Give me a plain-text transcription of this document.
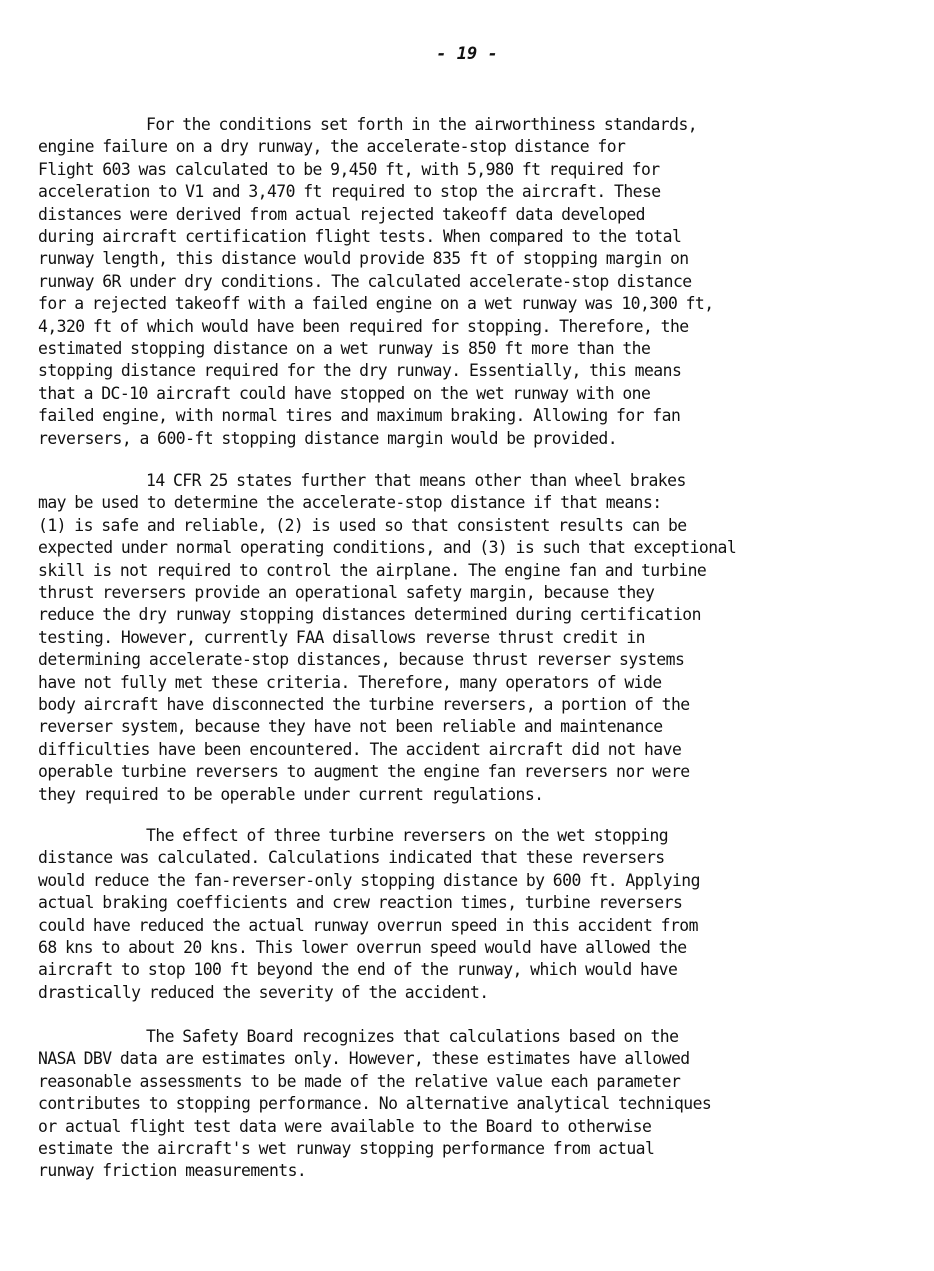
- 19 -
For the conditions set forth in the airworthiness standards,
engine failure on a dry runway, the accelerate-stop distance for
Flight 603 was calculated to be 9,450 ft, with 5,980 ft required for
acceleration to V1 and 3,470 ft required to stop the aircraft. These
distances were derived from actual rejected takeoff data developed
during aircraft certification flight tests. When compared to the total
runway length, this distance would provide 835 ft of stopping margin on
runway 6R under dry conditions. The calculated accelerate-stop distance
for a rejected takeoff with a failed engine on a wet runway was 10,300 ft,
4,320 ft of which would have been required for stopping. Therefore, the
estimated stopping distance on a wet runway is 850 ft more than the
stopping distance required for the dry runway. Essentially, this means
that a DC-10 aircraft could have stopped on the wet runway with one
failed engine, with normal tires and maximum braking. Allowing for fan
reversers, a 600-ft stopping distance margin would be provided.
14 CFR 25 states further that means other than wheel brakes
may be used to determine the accelerate-stop distance if that means:
(1) is safe and reliable, (2) is used so that consistent results can be
expected under normal operating conditions, and (3) is such that exceptional
skill is not required to control the airplane. The engine fan and turbine
thrust reversers provide an operational safety margin, because they
reduce the dry runway stopping distances determined during certification
testing. However, currently FAA disallows reverse thrust credit in
determining accelerate-stop distances, because thrust reverser systems
have not fully met these criteria. Therefore, many operators of wide
body aircraft have disconnected the turbine reversers, a portion of the
reverser system, because they have not been reliable and maintenance
difficulties have been encountered. The accident aircraft did not have
operable turbine reversers to augment the engine fan reversers nor were
they required to be operable under current regulations.
The effect of three turbine reversers on the wet stopping
distance was calculated. Calculations indicated that these reversers
would reduce the fan-reverser-only stopping distance by 600 ft. Applying
actual braking coefficients and crew reaction times, turbine reversers
could have reduced the actual runway overrun speed in this accident from
68 kns to about 20 kns. This lower overrun speed would have allowed the
aircraft to stop 100 ft beyond the end of the runway, which would have
drastically reduced the severity of the accident.
The Safety Board recognizes that calculations based on the
NASA DBV data are estimates only. However, these estimates have allowed
reasonable assessments to be made of the relative value each parameter
contributes to stopping performance. No alternative analytical techniques
or actual flight test data were available to the Board to otherwise
estimate the aircraft's wet runway stopping performance from actual
runway friction measurements.
